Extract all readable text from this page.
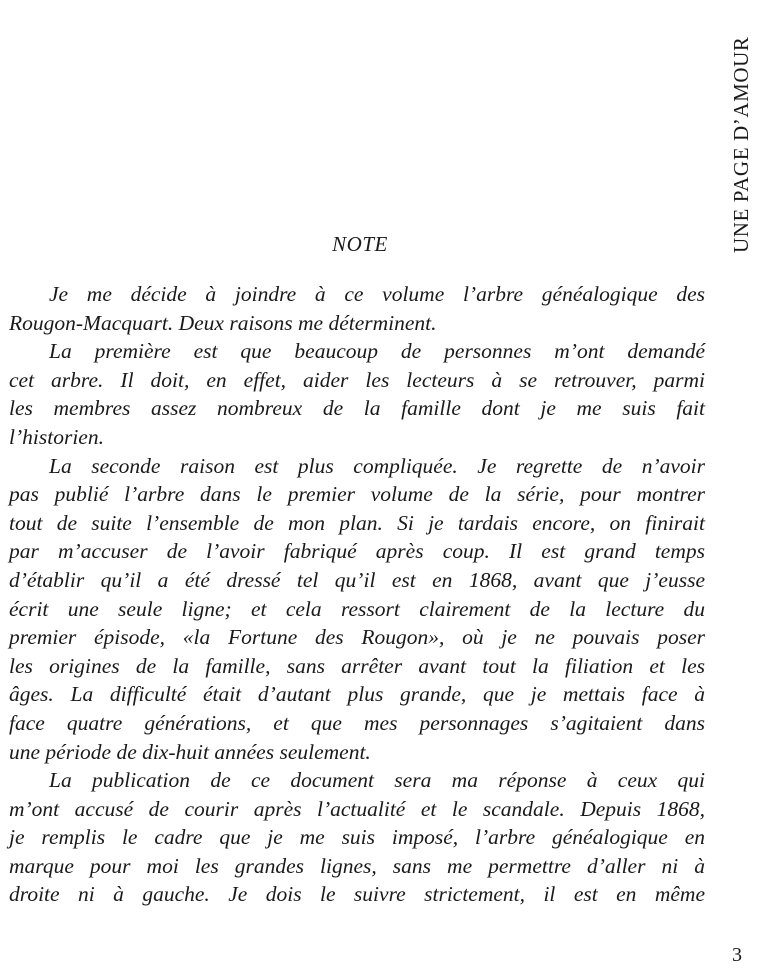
UNE PAGE D’AMOUR
NOTE
Je me décide à joindre à ce volume l’arbre généalogique des
Rougon-Macquart. Deux raisons me déterminent.
La première est que beaucoup de personnes m’ont demandé
cet arbre. Il doit, en effet, aider les lecteurs à se retrouver, parmi
les membres assez nombreux de la famille dont je me suis fait
l’historien.
La seconde raison est plus compliquée. Je regrette de n’avoir
pas publié l’arbre dans le premier volume de la série, pour montrer
tout de suite l’ensemble de mon plan. Si je tardais encore, on finirait
par m’accuser de l’avoir fabriqué après coup. Il est grand temps
d’établir qu’il a été dressé tel qu’il est en 1868, avant que j’eusse
écrit une seule ligne; et cela ressort clairement de la lecture du
premier épisode, «la Fortune des Rougon», où je ne pouvais poser
les origines de la famille, sans arrêter avant tout la filiation et les
âges. La difficulté était d’autant plus grande, que je mettais face à
face quatre générations, et que mes personnages s’agitaient dans
une période de dix-huit années seulement.
La publication de ce document sera ma réponse à ceux qui
m’ont accusé de courir après l’actualité et le scandale. Depuis 1868,
je remplis le cadre que je me suis imposé, l’arbre généalogique en
marque pour moi les grandes lignes, sans me permettre d’aller ni à
droite ni à gauche. Je dois le suivre strictement, il est en même
3
